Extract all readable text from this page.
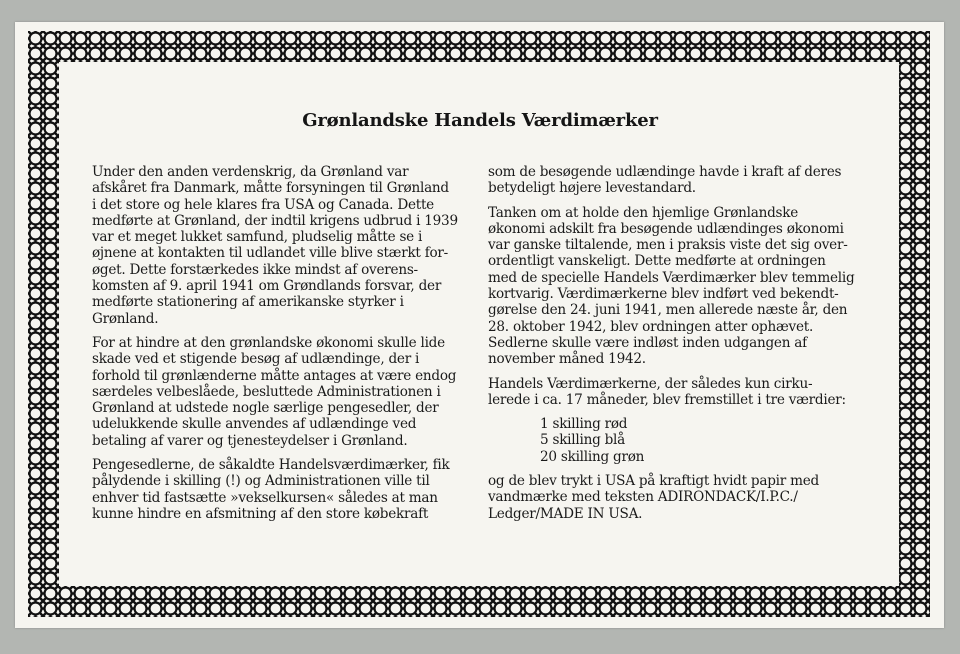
Grønlandske Handels Værdimærker

Under den anden verdenskrig, da Grønland var
afskåret fra Danmark, måtte forsyningen til Grønland
i det store og hele klares fra USA og Canada. Dette
medførte at Grønland, der indtil krigens udbrud i 1939
var et meget lukket samfund, pludselig måtte se i
øjnene at kontakten til udlandet ville blive stærkt for-
øget. Dette forstærkedes ikke mindst af overens-
komsten af 9. april 1941 om Grøndlands forsvar, der
medførte stationering af amerikanske styrker i
Grønland.

For at hindre at den grønlandske økonomi skulle lide
skade ved et stigende besøg af udlændinge, der i
forhold til grønlænderne måtte antages at være endog
særdeles velbeslåede, besluttede Administrationen i
Grønland at udstede nogle særlige pengesedler, der
udelukkende skulle anvendes af udlændinge ved
betaling af varer og tjenesteydelser i Grønland.

Pengesedlerne, de såkaldte Handelsværdimærker, fik
pålydende i skilling (!) og Administrationen ville til
enhver tid fastsætte »vekselkursen« således at man
kunne hindre en afsmitning af den store købekraft

som de besøgende udlændinge havde i kraft af deres
betydeligt højere levestandard.

Tanken om at holde den hjemlige Grønlandske
økonomi adskilt fra besøgende udlændinges økonomi
var ganske tiltalende, men i praksis viste det sig over-
ordentligt vanskeligt. Dette medførte at ordningen
med de specielle Handels Værdimærker blev temmelig
kortvarig. Værdimærkerne blev indført ved bekendt-
gørelse den 24. juni 1941, men allerede næste år, den
28. oktober 1942, blev ordningen atter ophævet.
Sedlerne skulle være indløst inden udgangen af
november måned 1942.

Handels Værdimærkerne, der således kun cirku-
lerede i ca. 17 måneder, blev fremstillet i tre værdier:

1 skilling rød
5 skilling blå
20 skilling grøn

og de blev trykt i USA på kraftigt hvidt papir med
vandmærke med teksten ADIRONDACK/I.P.C./
Ledger/MADE IN USA.
